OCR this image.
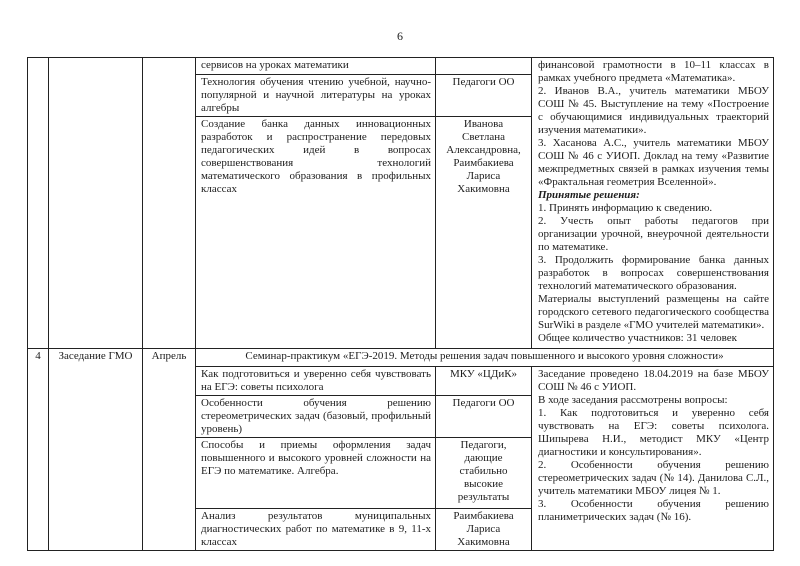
6
			сервисов на уроках математики		финансовой грамотности в 10–11 классах в рамках учебного предмета «Математика».

2. Иванов В.А., учитель математики МБОУ СОШ № 45. Выступление на тему «Построение с обучающимися индивидуальных траекторий изучения математики».

3. Хасанова А.С., учитель математики МБОУ СОШ № 46 с УИОП. Доклад на тему «Развитие межпредметных связей в рамках изучения темы «Фрактальная геометрия Вселенной».

Принятые решения:

1. Принять информацию к сведению.

2. Учесть опыт работы педагогов при организации урочной, внеурочной деятельности по математике.

3. Продолжить формирование банка данных разработок в вопросах совершенствования технологий математического образования.

Материалы выступлений размещены на сайте городского сетевого педагогического сообщества SurWiki в разделе «ГМО учителей математики».

Общее количество участников: 31 человек

			Технология обучения чтению учебной, научно-популярной и научной литературы на уроках алгебры	Педагоги ОО	
			Создание банка данных инновационных разработок и распространение передовых педагогических идей в вопросах совершенствования технологий математического образования в профильных классах	Иванова Светлана Александровна, Раимбакиева Лариса Хакимовна	
4	Заседание ГМО	Апрель	Семинар-практикум «ЕГЭ-2019. Методы решения задач повышенного и высокого уровня сложности»		
			Как подготовиться и уверенно себя чувствовать на ЕГЭ: советы психолога	МКУ «ЦДиК»	Заседание проведено 18.04.2019 на базе МБОУ СОШ № 46 с УИОП.

В ходе заседания рассмотрены вопросы:

1. Как подготовиться и уверенно себя чувствовать на ЕГЭ: советы психолога. Шипырева Н.И., методист МКУ «Центр диагностики и консультирования».

2. Особенности обучения решению стереометрических задач (№ 14). Данилова С.Л., учитель математики МБОУ лицея № 1.

3. Особенности обучения решению планиметрических задач (№ 16).

			Особенности обучения решению стереометрических задач (базовый, профильный уровень)	Педагоги ОО	
			Способы и приемы оформления задач повышенного и высокого уровней сложности на ЕГЭ по математике. Алгебра.	Педагоги, дающие стабильно высокие результаты	
			Анализ результатов муниципальных диагностических работ по математике в 9, 11-х классах	Раимбакиева Лариса Хакимовна	
